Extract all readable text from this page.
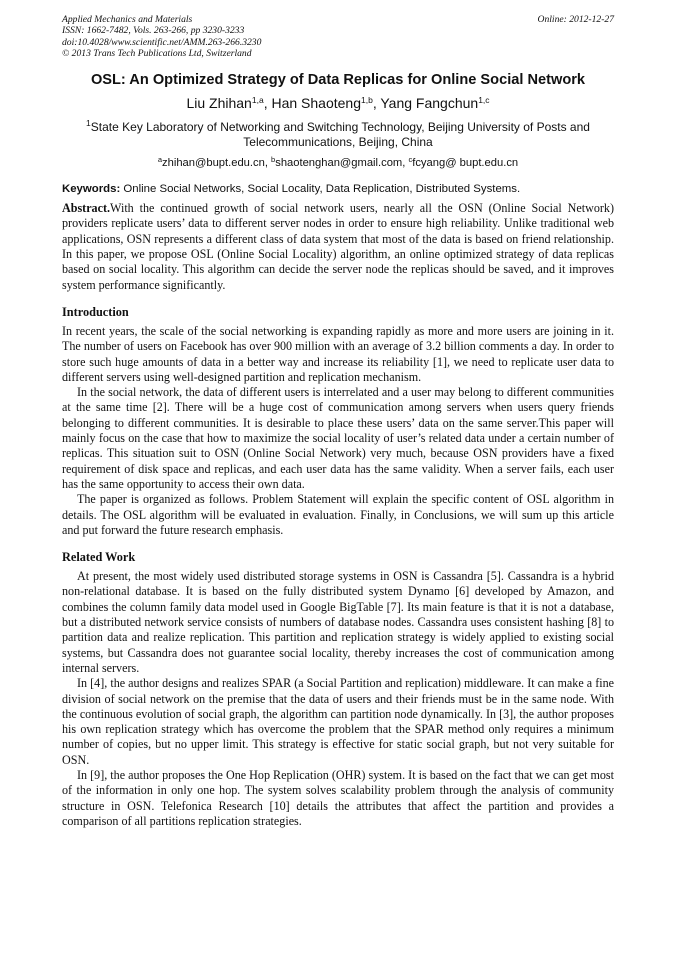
Applied Mechanics and Materials
ISSN: 1662-7482, Vols. 263-266, pp 3230-3233
doi:10.4028/www.scientific.net/AMM.263-266.3230
© 2013 Trans Tech Publications Ltd, Switzerland
Online: 2012-12-27
OSL: An Optimized Strategy of Data Replicas for Online Social Network
Liu Zhihan$^{1,a}$, Han Shaoteng$^{1,b}$, Yang Fangchun$^{1,c}$
$^1$State Key Laboratory of Networking and Switching Technology, Beijing University of Posts and Telecommunications, Beijing, China
$^a$zhihan@bupt.edu.cn, $^b$shaotenghan@gmail.com, $^c$fcyang@ bupt.edu.cn
Keywords: Online Social Networks, Social Locality, Data Replication, Distributed Systems.

Abstract.With the continued growth of social network users, nearly all the OSN (Online Social Network) providers replicate users’ data to different server nodes in order to ensure high reliability. Unlike traditional web applications, OSN represents a different class of data system that most of the data is based on friend relationship. In this paper, we propose OSL (Online Social Locality) algorithm, an online optimized strategy of data replicas based on social locality. This algorithm can decide the server node the replicas should be saved, and it improves system performance significantly.

Introduction

In recent years, the scale of the social networking is expanding rapidly as more and more users are joining in it. The number of users on Facebook has over 900 million with an average of 3.2 billion comments a day. In order to store such huge amounts of data in a better way and increase its reliability [1], we need to replicate user data to different servers using well-designed partition and replication mechanism.

In the social network, the data of different users is interrelated and a user may belong to different communities at the same time [2]. There will be a huge cost of communication among servers when users query friends belonging to different communities. It is desirable to place these users’ data on the same server.This paper will mainly focus on the case that how to maximize the social locality of user’s related data under a certain number of replicas. This situation suit to OSN (Online Social Network) very much, because OSN providers have a fixed requirement of disk space and replicas, and each user data has the same validity. When a server fails, each user has the same opportunity to access their own data.

The paper is organized as follows. Problem Statement will explain the specific content of OSL algorithm in details. The OSL algorithm will be evaluated in evaluation. Finally, in Conclusions, we will sum up this article and put forward the future research emphasis.

Related Work

At present, the most widely used distributed storage systems in OSN is Cassandra [5]. Cassandra is a hybrid non-relational database. It is based on the fully distributed system Dynamo [6] developed by Amazon, and combines the column family data model used in Google BigTable [7]. Its main feature is that it is not a database, but a distributed network service consists of numbers of database nodes. Cassandra uses consistent hashing [8] to partition data and realize replication. This partition and replication strategy is widely applied to existing social systems, but Cassandra does not guarantee social locality, thereby increases the cost of communication among internal servers.

In [4], the author designs and realizes SPAR (a Social Partition and replication) middleware. It can make a fine division of social network on the premise that the data of users and their friends must be in the same node. With the continuous evolution of social graph, the algorithm can partition node dynamically. In [3], the author proposes his own replication strategy which has overcome the problem that the SPAR method only requires a minimum number of copies, but no upper limit. This strategy is effective for static social graph, but not very suitable for OSN.

In [9], the author proposes the One Hop Replication (OHR) system. It is based on the fact that we can get most of the information in only one hop. The system solves scalability problem through the analysis of community structure in OSN. Telefonica Research [10] details the attributes that affect the partition and provides a comparison of all partitions replication strategies.
